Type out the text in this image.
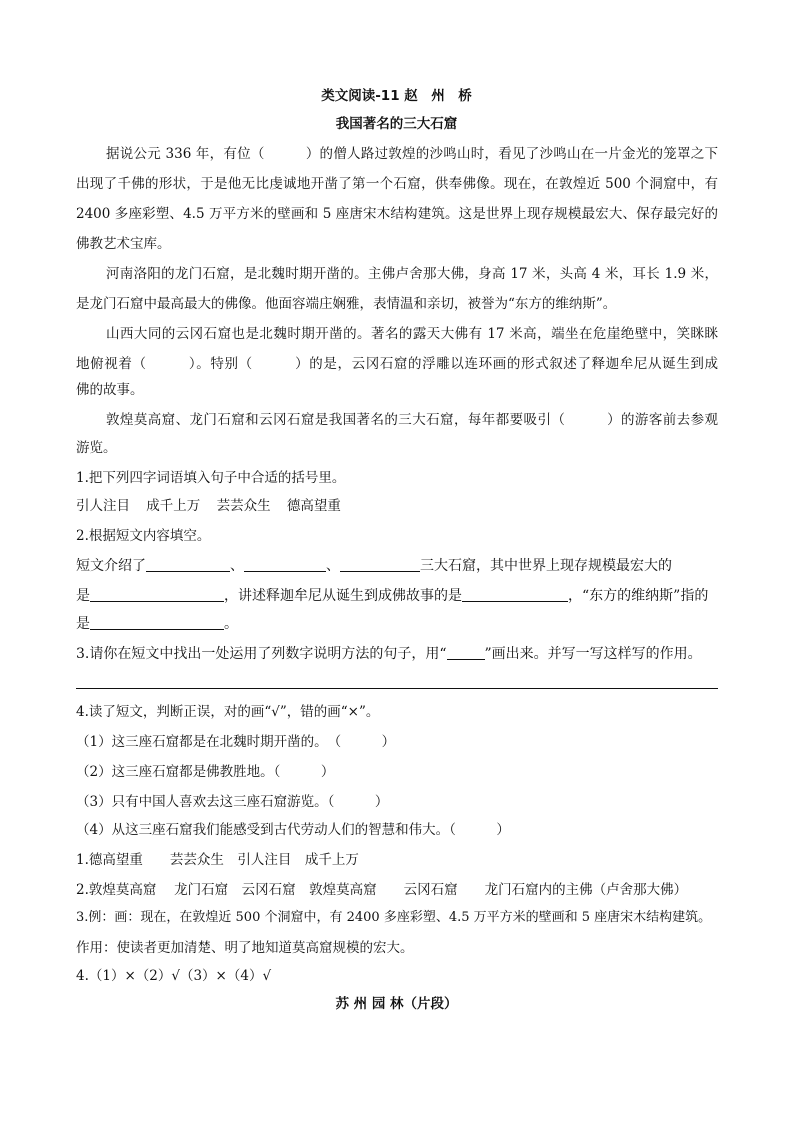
类文阅读-11 赵　州　桥
我国著名的三大石窟
据说公元 336 年，有位（　　　）的僧人路过敦煌的沙鸣山时，看见了沙鸣山在一片金光的笼罩之下
出现了千佛的形状，于是他无比虔诚地开凿了第一个石窟，供奉佛像。现在，在敦煌近 500 个洞窟中，有
2400 多座彩塑、4.5 万平方米的壁画和 5 座唐宋木结构建筑。这是世界上现存规模最宏大、保存最完好的
佛教艺术宝库。
河南洛阳的龙门石窟，是北魏时期开凿的。主佛卢舍那大佛，身高 17 米，头高 4 米，耳长 1.9 米，
是龙门石窟中最高最大的佛像。他面容端庄娴雅，表情温和亲切，被誉为“东方的维纳斯”。
山西大同的云冈石窟也是北魏时期开凿的。著名的露天大佛有 17 米高，端坐在危崖绝壁中，笑眯眯
地俯视着（　　　）。特别（　　　）的是，云冈石窟的浮雕以连环画的形式叙述了释迦牟尼从诞生到成
佛的故事。
敦煌莫高窟、龙门石窟和云冈石窟是我国著名的三大石窟，每年都要吸引（　　　）的游客前去参观
游览。
1.把下列四字词语填入句子中合适的括号里。
引人注目 成千上万 芸芸众生 德高望重
2.根据短文内容填空。
短文介绍了	、	、	三大石窟，其中世界上现存规模最宏大的
是	，讲述释迦牟尼从诞生到成佛故事的是	，“东方的维纳斯”指的
是	。
3.请你在短文中找出一处运用了列数字说明方法的句子，用“	”画出来。并写一写这样写的作用。
4.读了短文，判断正误，对的画“√”，错的画“×”。
（1）这三座石窟都是在北魏时期开凿的。　（　　　）
（2）这三座石窟都是佛教胜地。（　　　）
（3）只有中国人喜欢去这三座石窟游览。（　　　）
（4）从这三座石窟我们能感受到古代劳动人们的智慧和伟大。（　　　）
1.德高望重　　芸芸众生　引人注目　成千上万
2.敦煌莫高窟　 龙门石窟　云冈石窟　敦煌莫高窟　　云冈石窟　　龙门石窟内的主佛（卢舍那大佛）
3.例：画：现在，在敦煌近 500 个洞窟中，有 2400 多座彩塑、4.5 万平方米的壁画和 5 座唐宋木结构建筑。
作用：使读者更加清楚、明了地知道莫高窟规模的宏大。
4.（1）×（2）√（3）×（4）√
苏 州 园 林（片段）
